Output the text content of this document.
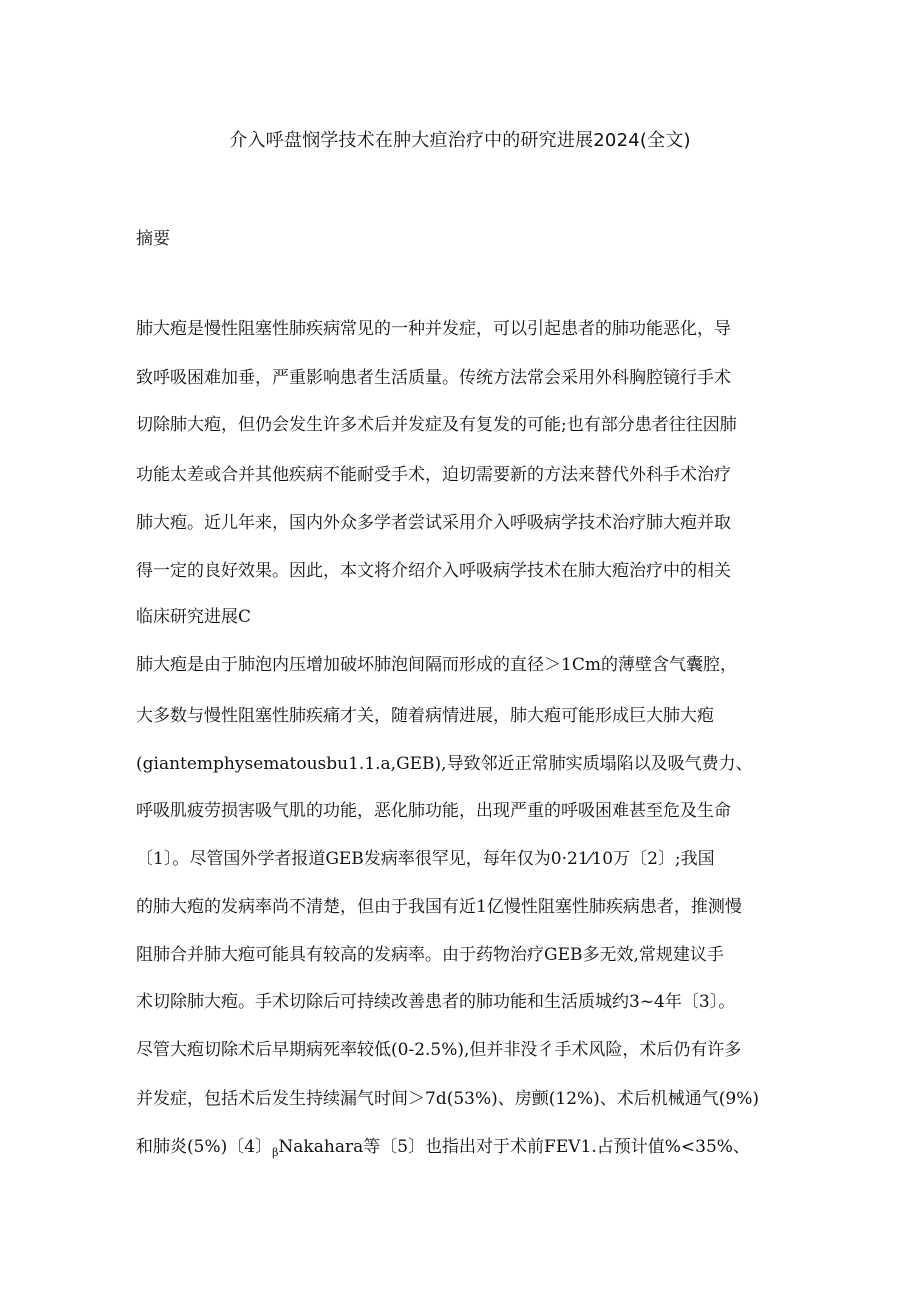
介入呼盘悯学技术在肿大疸治疗中的研究进展2024(全文)
摘要
肺大疱是慢性阻塞性肺疾病常见的一种并发症，可以引起患者的肺功能恶化，导
致呼吸困难加垂，严重影响患者生活质量。传统方法常会采用外科胸腔镜行手术
切除肺大疱，但仍会发生许多术后并发症及有复发的可能;也有部分患者往往因肺
功能太差或合并其他疾病不能耐受手术，迫切需要新的方法来替代外科手术治疗
肺大疱。近儿年来，国内外众多学者尝试采用介入呼吸病学技术治疗肺大疱并取
得一定的良好效果。因此，本文将介绍介入呼吸病学技术在肺大疱治疗中的相关
临床研究进展C
肺大疱是由于肺泡内压增加破坏肺泡间隔而形成的直径＞1Cm的薄壁含气囊腔，
大多数与慢性阻塞性肺疾痛才关，随着病情进展，肺大疱可能形成巨大肺大疱
(giantemphysematousbu1.1.a,GEB),导致邻近正常肺实质塌陷以及吸气费力、
呼吸肌疲劳损害吸气肌的功能，恶化肺功能，出现严重的呼吸困难甚至危及生命
〔1〕。尽管国外学者报道GEB发病率很罕见，每年仅为0·21⁄10万〔2〕;我国
的肺大疱的发病率尚不清楚，但由于我国有近1亿慢性阻塞性肺疾病患者，推测慢
阻肺合并肺大疱可能具有较高的发病率。由于药物治疗GEB多无效,常规建议手
术切除肺大疱。手术切除后可持续改善患者的肺功能和生活质城约3~4年〔3〕。
尽管大疱切除术后早期病死率较低(0-2.5%),但并非没彳手术风险，术后仍有许多
并发症，包括术后发生持续漏气时间＞7d(53%)、房颤(12%)、术后机械通气(9%)
和肺炎(5%)〔4〕$_\beta$Nakahara等〔5〕也指出对于术前FEV1.占预计值%<35%、
